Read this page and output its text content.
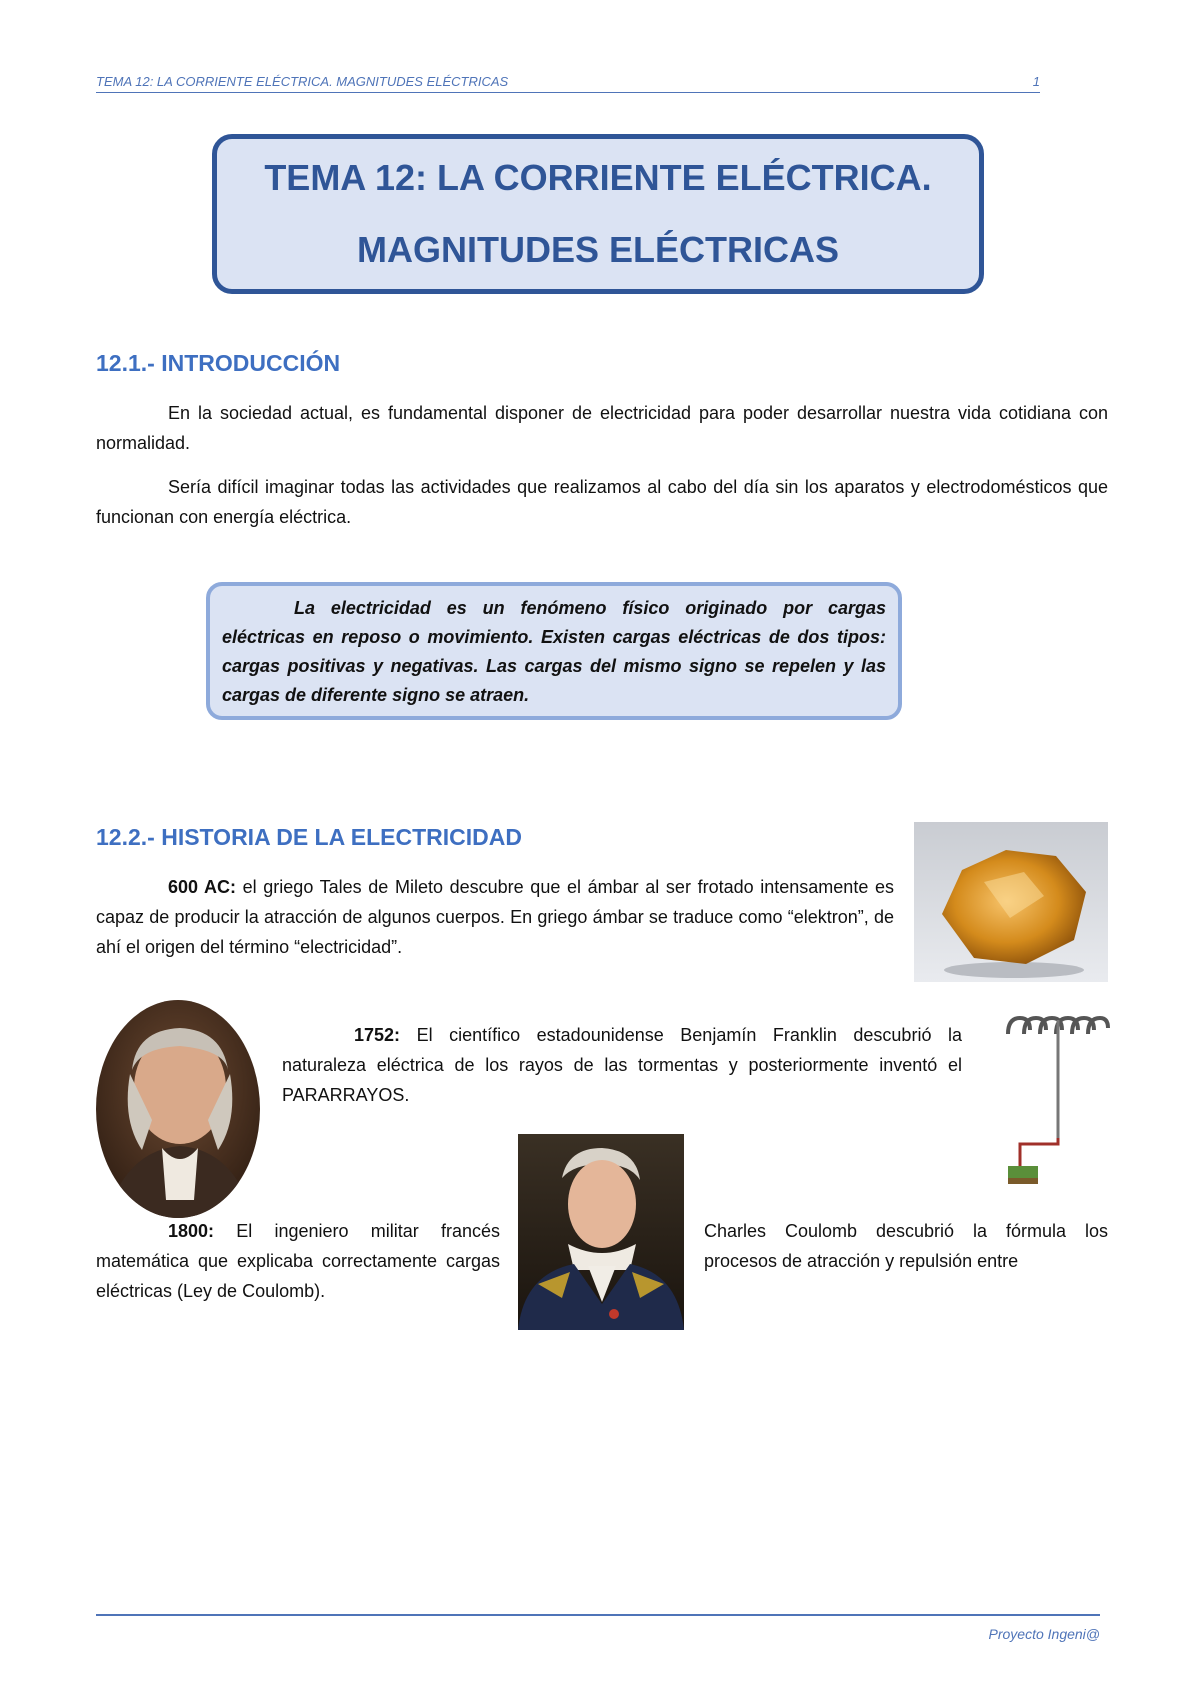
TEMA 12: LA CORRIENTE ELÉCTRICA. MAGNITUDES ELÉCTRICAS	1
TEMA 12: LA CORRIENTE ELÉCTRICA.
MAGNITUDES ELÉCTRICAS
12.1.- INTRODUCCIÓN
En la sociedad actual, es fundamental disponer de electricidad para poder desarrollar nuestra vida cotidiana con normalidad.
Sería difícil imaginar todas las actividades que realizamos al cabo del día sin los aparatos y electrodomésticos que funcionan con energía eléctrica.
La electricidad es un fenómeno físico originado por cargas eléctricas en reposo o movimiento. Existen cargas eléctricas de dos tipos: cargas positivas y negativas. Las cargas del mismo signo se repelen y las cargas de diferente signo se atraen.
12.2.- HISTORIA DE LA ELECTRICIDAD
600 AC: el griego Tales de Mileto descubre que el ámbar al ser frotado intensamente es capaz de producir la atracción de algunos cuerpos. En griego ámbar se traduce como “elektron”, de ahí el origen del término “electricidad”.
1752: El científico estadounidense Benjamín Franklin descubrió la naturaleza eléctrica de los rayos de las tormentas y posteriormente inventó el PARARRAYOS.
1800: El ingeniero militar francés matemática que explicaba correctamente cargas eléctricas (Ley de Coulomb).
Charles Coulomb descubrió la fórmula los procesos de atracción y repulsión entre
Proyecto Ingeni@
